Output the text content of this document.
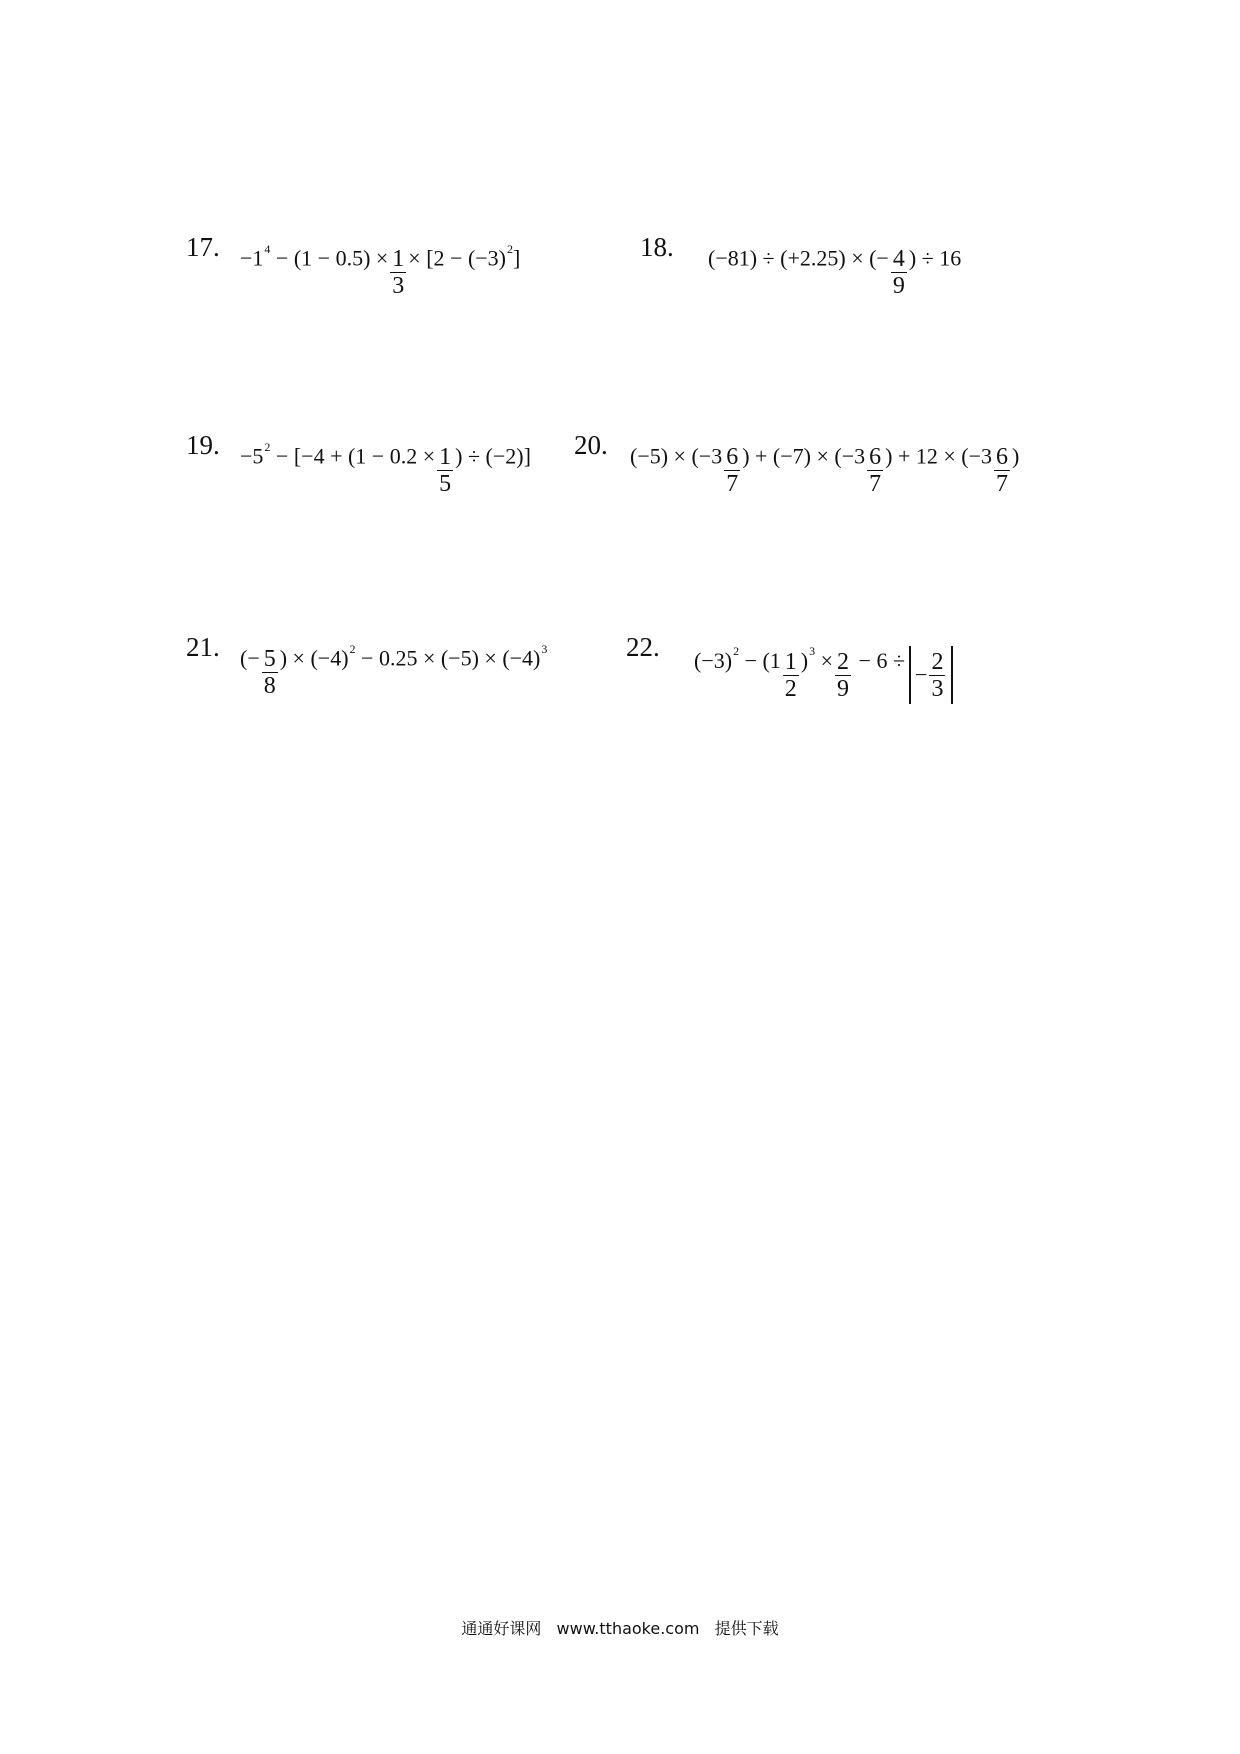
17. $-1^4 - (1 - 0.5) \times \frac{1}{3} \times [2 - (-3)^2]$	18. (−81) ÷ (+2.25) × (− $\frac{4}{9}$ ) ÷ 16
19. $-5^2 - [-4 + (1 - 0.2 \times \frac{1}{5}$ ) ÷ (−2)] 20. $(-5) \times (-3 \frac{6}{7}$ ) + $(-7) \times (-3 \frac{6}{7}$ ) + $12 \times (-3 \frac{6}{7}$ )
21. (− $\frac{5}{8}$ ) × $(-4)^2 - 0.25 \times (-5) \times (-4)^3$	22. $(-3)^2 - (1 \frac{1}{2} )^3 \times \frac{2}{9} - 6$ ÷
− $\frac{2}{3}$
通通好课网 www.tthaoke.com 提供下载
